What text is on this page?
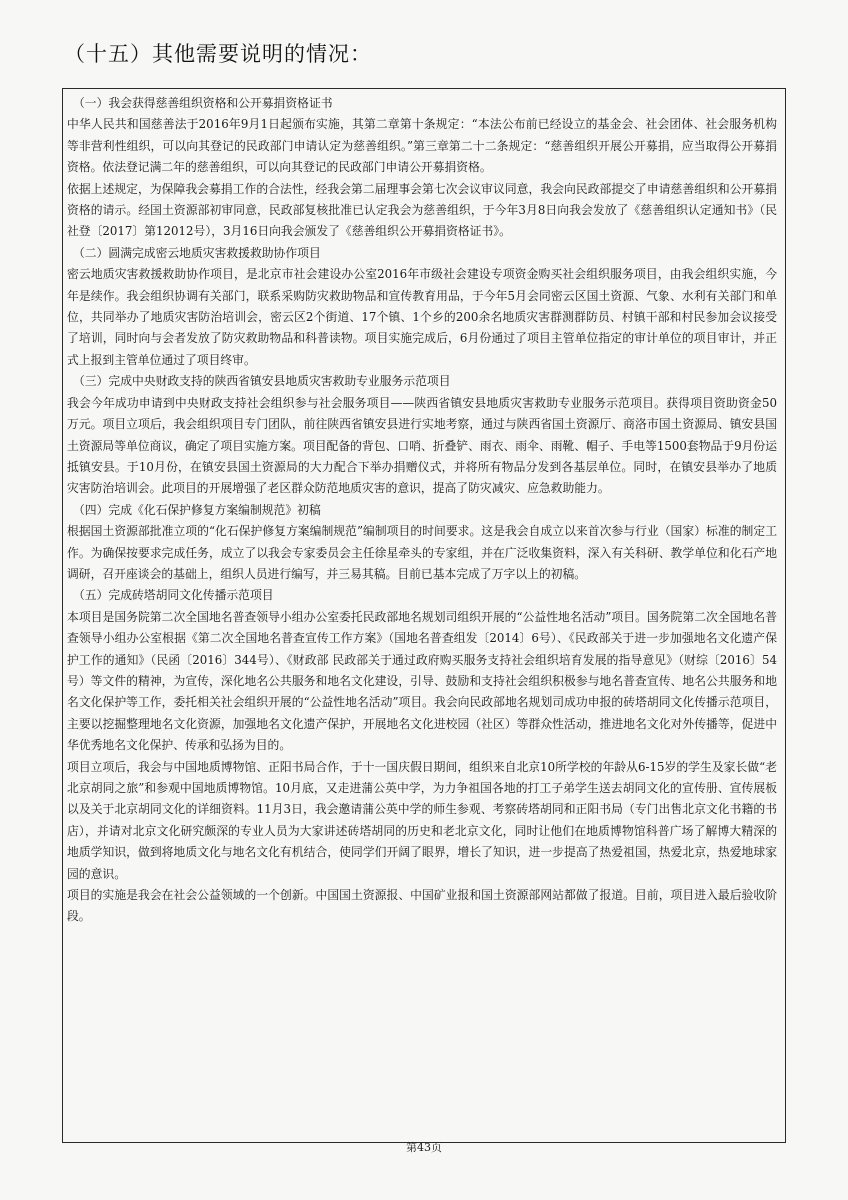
（十五）其他需要说明的情况：

（一）我会获得慈善组织资格和公开募捐资格证书

中华人民共和国慈善法于2016年9月1日起颁布实施，其第二章第十条规定：“本法公布前已经设立的基金会、社会团体、社会服务机构等非营利性组织，可以向其登记的民政部门申请认定为慈善组织。”第三章第二十二条规定：“慈善组织开展公开募捐，应当取得公开募捐资格。依法登记满二年的慈善组织，可以向其登记的民政部门申请公开募捐资格。

依据上述规定，为保障我会募捐工作的合法性，经我会第二届理事会第七次会议审议同意，我会向民政部提交了申请慈善组织和公开募捐资格的请示。经国土资源部初审同意，民政部复核批准已认定我会为慈善组织，于今年3月8日向我会发放了《慈善组织认定通知书》（民社登〔2017〕第12012号），3月16日向我会颁发了《慈善组织公开募捐资格证书》。

（二）圆满完成密云地质灾害救援救助协作项目

密云地质灾害救援救助协作项目，是北京市社会建设办公室2016年市级社会建设专项资金购买社会组织服务项目，由我会组织实施，今年是续作。我会组织协调有关部门，联系采购防灾救助物品和宣传教育用品，于今年5月会同密云区国土资源、气象、水利有关部门和单位，共同举办了地质灾害防治培训会，密云区2个街道、17个镇、1个乡的200余名地质灾害群测群防员、村镇干部和村民参加会议接受了培训，同时向与会者发放了防灾救助物品和科普读物。项目实施完成后，6月份通过了项目主管单位指定的审计单位的项目审计，并正式上报到主管单位通过了项目终审。

（三）完成中央财政支持的陕西省镇安县地质灾害救助专业服务示范项目

我会今年成功申请到中央财政支持社会组织参与社会服务项目——陕西省镇安县地质灾害救助专业服务示范项目。获得项目资助资金50万元。项目立项后，我会组织项目专门团队，前往陕西省镇安县进行实地考察，通过与陕西省国土资源厅、商洛市国土资源局、镇安县国土资源局等单位商议，确定了项目实施方案。项目配备的背包、口哨、折叠铲、雨衣、雨伞、雨靴、帽子、手电等1500套物品于9月份运抵镇安县。于10月份，在镇安县国土资源局的大力配合下举办捐赠仪式，并将所有物品分发到各基层单位。同时，在镇安县举办了地质灾害防治培训会。此项目的开展增强了老区群众防范地质灾害的意识，提高了防灾减灾、应急救助能力。

（四）完成《化石保护修复方案编制规范》初稿

根据国土资源部批准立项的“化石保护修复方案编制规范”编制项目的时间要求。这是我会自成立以来首次参与行业（国家）标准的制定工作。为确保按要求完成任务，成立了以我会专家委员会主任徐星牵头的专家组，并在广泛收集资料，深入有关科研、教学单位和化石产地调研，召开座谈会的基础上，组织人员进行编写，并三易其稿。目前已基本完成了万字以上的初稿。

（五）完成砖塔胡同文化传播示范项目

本项目是国务院第二次全国地名普查领导小组办公室委托民政部地名规划司组织开展的“公益性地名活动”项目。国务院第二次全国地名普查领导小组办公室根据《第二次全国地名普查宣传工作方案》（国地名普查组发〔2014〕6号）、《民政部关于进一步加强地名文化遗产保护工作的通知》（民函〔2016〕344号）、《财政部 民政部关于通过政府购买服务支持社会组织培育发展的指导意见》（财综〔2016〕54号）等文件的精神，为宣传，深化地名公共服务和地名文化建设，引导、鼓励和支持社会组织积极参与地名普查宣传、地名公共服务和地名文化保护等工作，委托相关社会组织开展的“公益性地名活动”项目。我会向民政部地名规划司成功申报的砖塔胡同文化传播示范项目，主要以挖掘整理地名文化资源，加强地名文化遗产保护，开展地名文化进校园（社区）等群众性活动，推进地名文化对外传播等，促进中华优秀地名文化保护、传承和弘扬为目的。

项目立项后，我会与中国地质博物馆、正阳书局合作，于十一国庆假日期间，组织来自北京10所学校的年龄从6-15岁的学生及家长做“老北京胡同之旅”和参观中国地质博物馆。10月底，又走进蒲公英中学，为力争祖国各地的打工子弟学生送去胡同文化的宣传册、宣传展板以及关于北京胡同文化的详细资料。11月3日，我会邀请蒲公英中学的师生参观、考察砖塔胡同和正阳书局（专门出售北京文化书籍的书店），并请对北京文化研究颇深的专业人员为大家讲述砖塔胡同的历史和老北京文化，同时让他们在地质博物馆科普广场了解博大精深的地质学知识，做到将地质文化与地名文化有机结合，使同学们开阔了眼界，增长了知识，进一步提高了热爱祖国，热爱北京，热爱地球家园的意识。

项目的实施是我会在社会公益领域的一个创新。中国国土资源报、中国矿业报和国土资源部网站都做了报道。目前，项目进入最后验收阶段。

第43页
